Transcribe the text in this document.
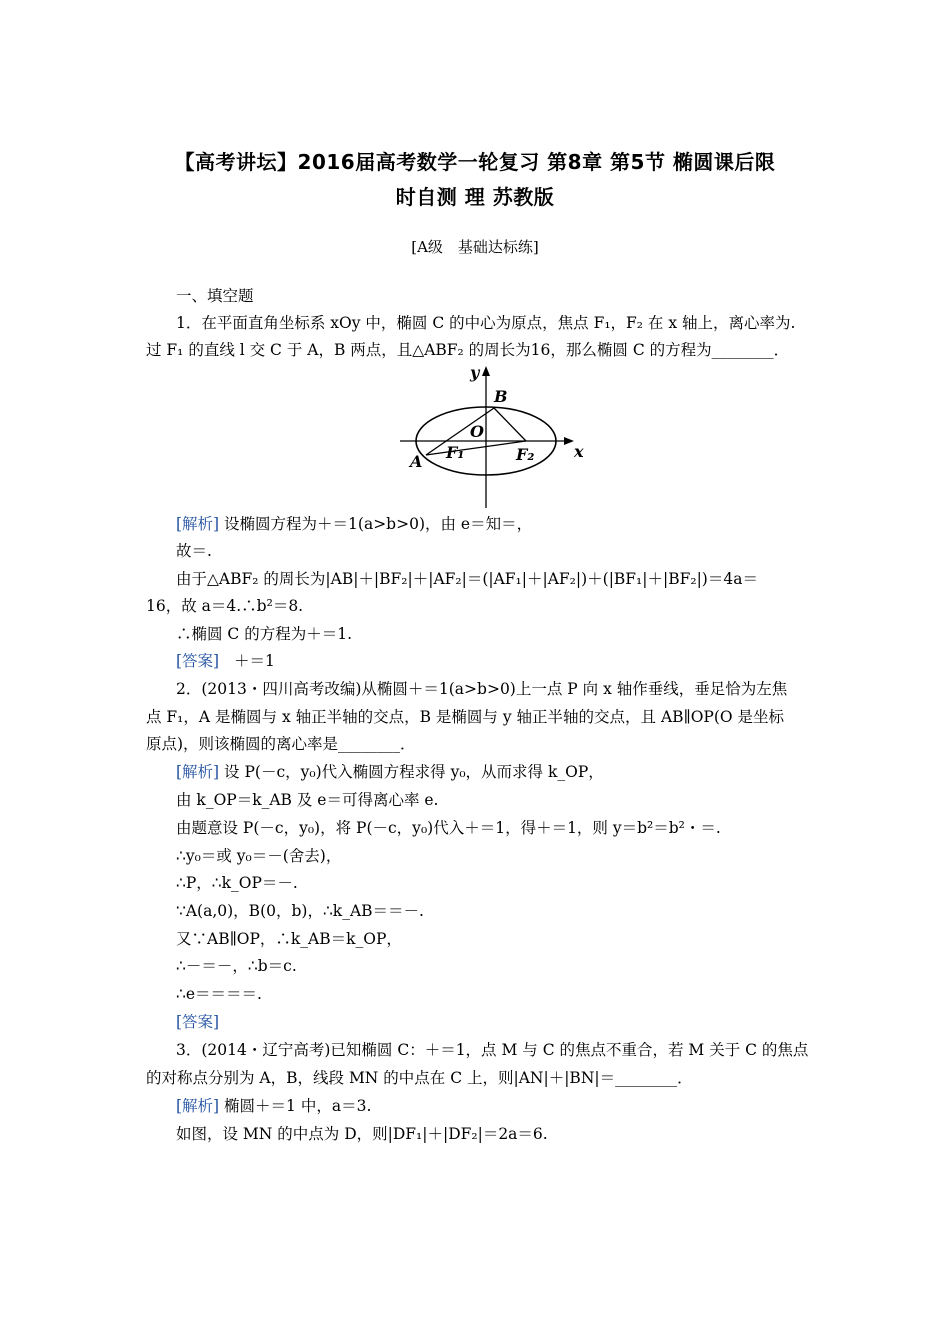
【高考讲坛】2016届高考数学一轮复习 第8章 第5节 椭圆课后限
时自测 理 苏教版
[A级　基础达标练]
一、填空题
1．在平面直角坐标系 xOy 中，椭圆 C 的中心为原点，焦点 F₁，F₂ 在 x 轴上，离心率为.
过 F₁ 的直线 l 交 C 于 A，B 两点，且△ABF₂ 的周长为16，那么椭圆 C 的方程为________．
y
B
O
x
A F₁	F₂
[解析] 设椭圆方程为＋＝1(a>b>0)，由 e＝知＝，
故＝.
由于△ABF₂ 的周长为|AB|＋|BF₂|＋|AF₂|＝(|AF₁|＋|AF₂|)＋(|BF₁|＋|BF₂|)＝4a＝
16，故 a＝4.∴b²＝8.
∴椭圆 C 的方程为＋＝1.
[答案] ＋＝1
2．(2013・四川高考改编)从椭圆＋＝1(a>b>0)上一点 P 向 x 轴作垂线，垂足恰为左焦
点 F₁，A 是椭圆与 x 轴正半轴的交点，B 是椭圆与 y 轴正半轴的交点，且 AB∥OP(O 是坐标
原点)，则该椭圆的离心率是________．
[解析] 设 P(－c，y₀)代入椭圆方程求得 y₀，从而求得 k_OP，
由 k_OP＝k_AB 及 e＝可得离心率 e.
由题意设 P(－c，y₀)，将 P(－c，y₀)代入＋＝1，得＋＝1，则 y＝b²＝b²・＝.
∴y₀＝或 y₀＝－(舍去)，
∴P，∴k_OP＝－.
∵A(a,0)，B(0，b)，∴k_AB＝＝－.
又∵AB∥OP，∴k_AB＝k_OP，
∴－＝－，∴b＝c.
∴e＝＝＝＝.
[答案]
3．(2014・辽宁高考)已知椭圆 C：＋＝1，点 M 与 C 的焦点不重合，若 M 关于 C 的焦点
的对称点分别为 A，B，线段 MN 的中点在 C 上，则|AN|＋|BN|＝________．
[解析] 椭圆＋＝1 中，a＝3.
如图，设 MN 的中点为 D，则|DF₁|＋|DF₂|＝2a＝6.
